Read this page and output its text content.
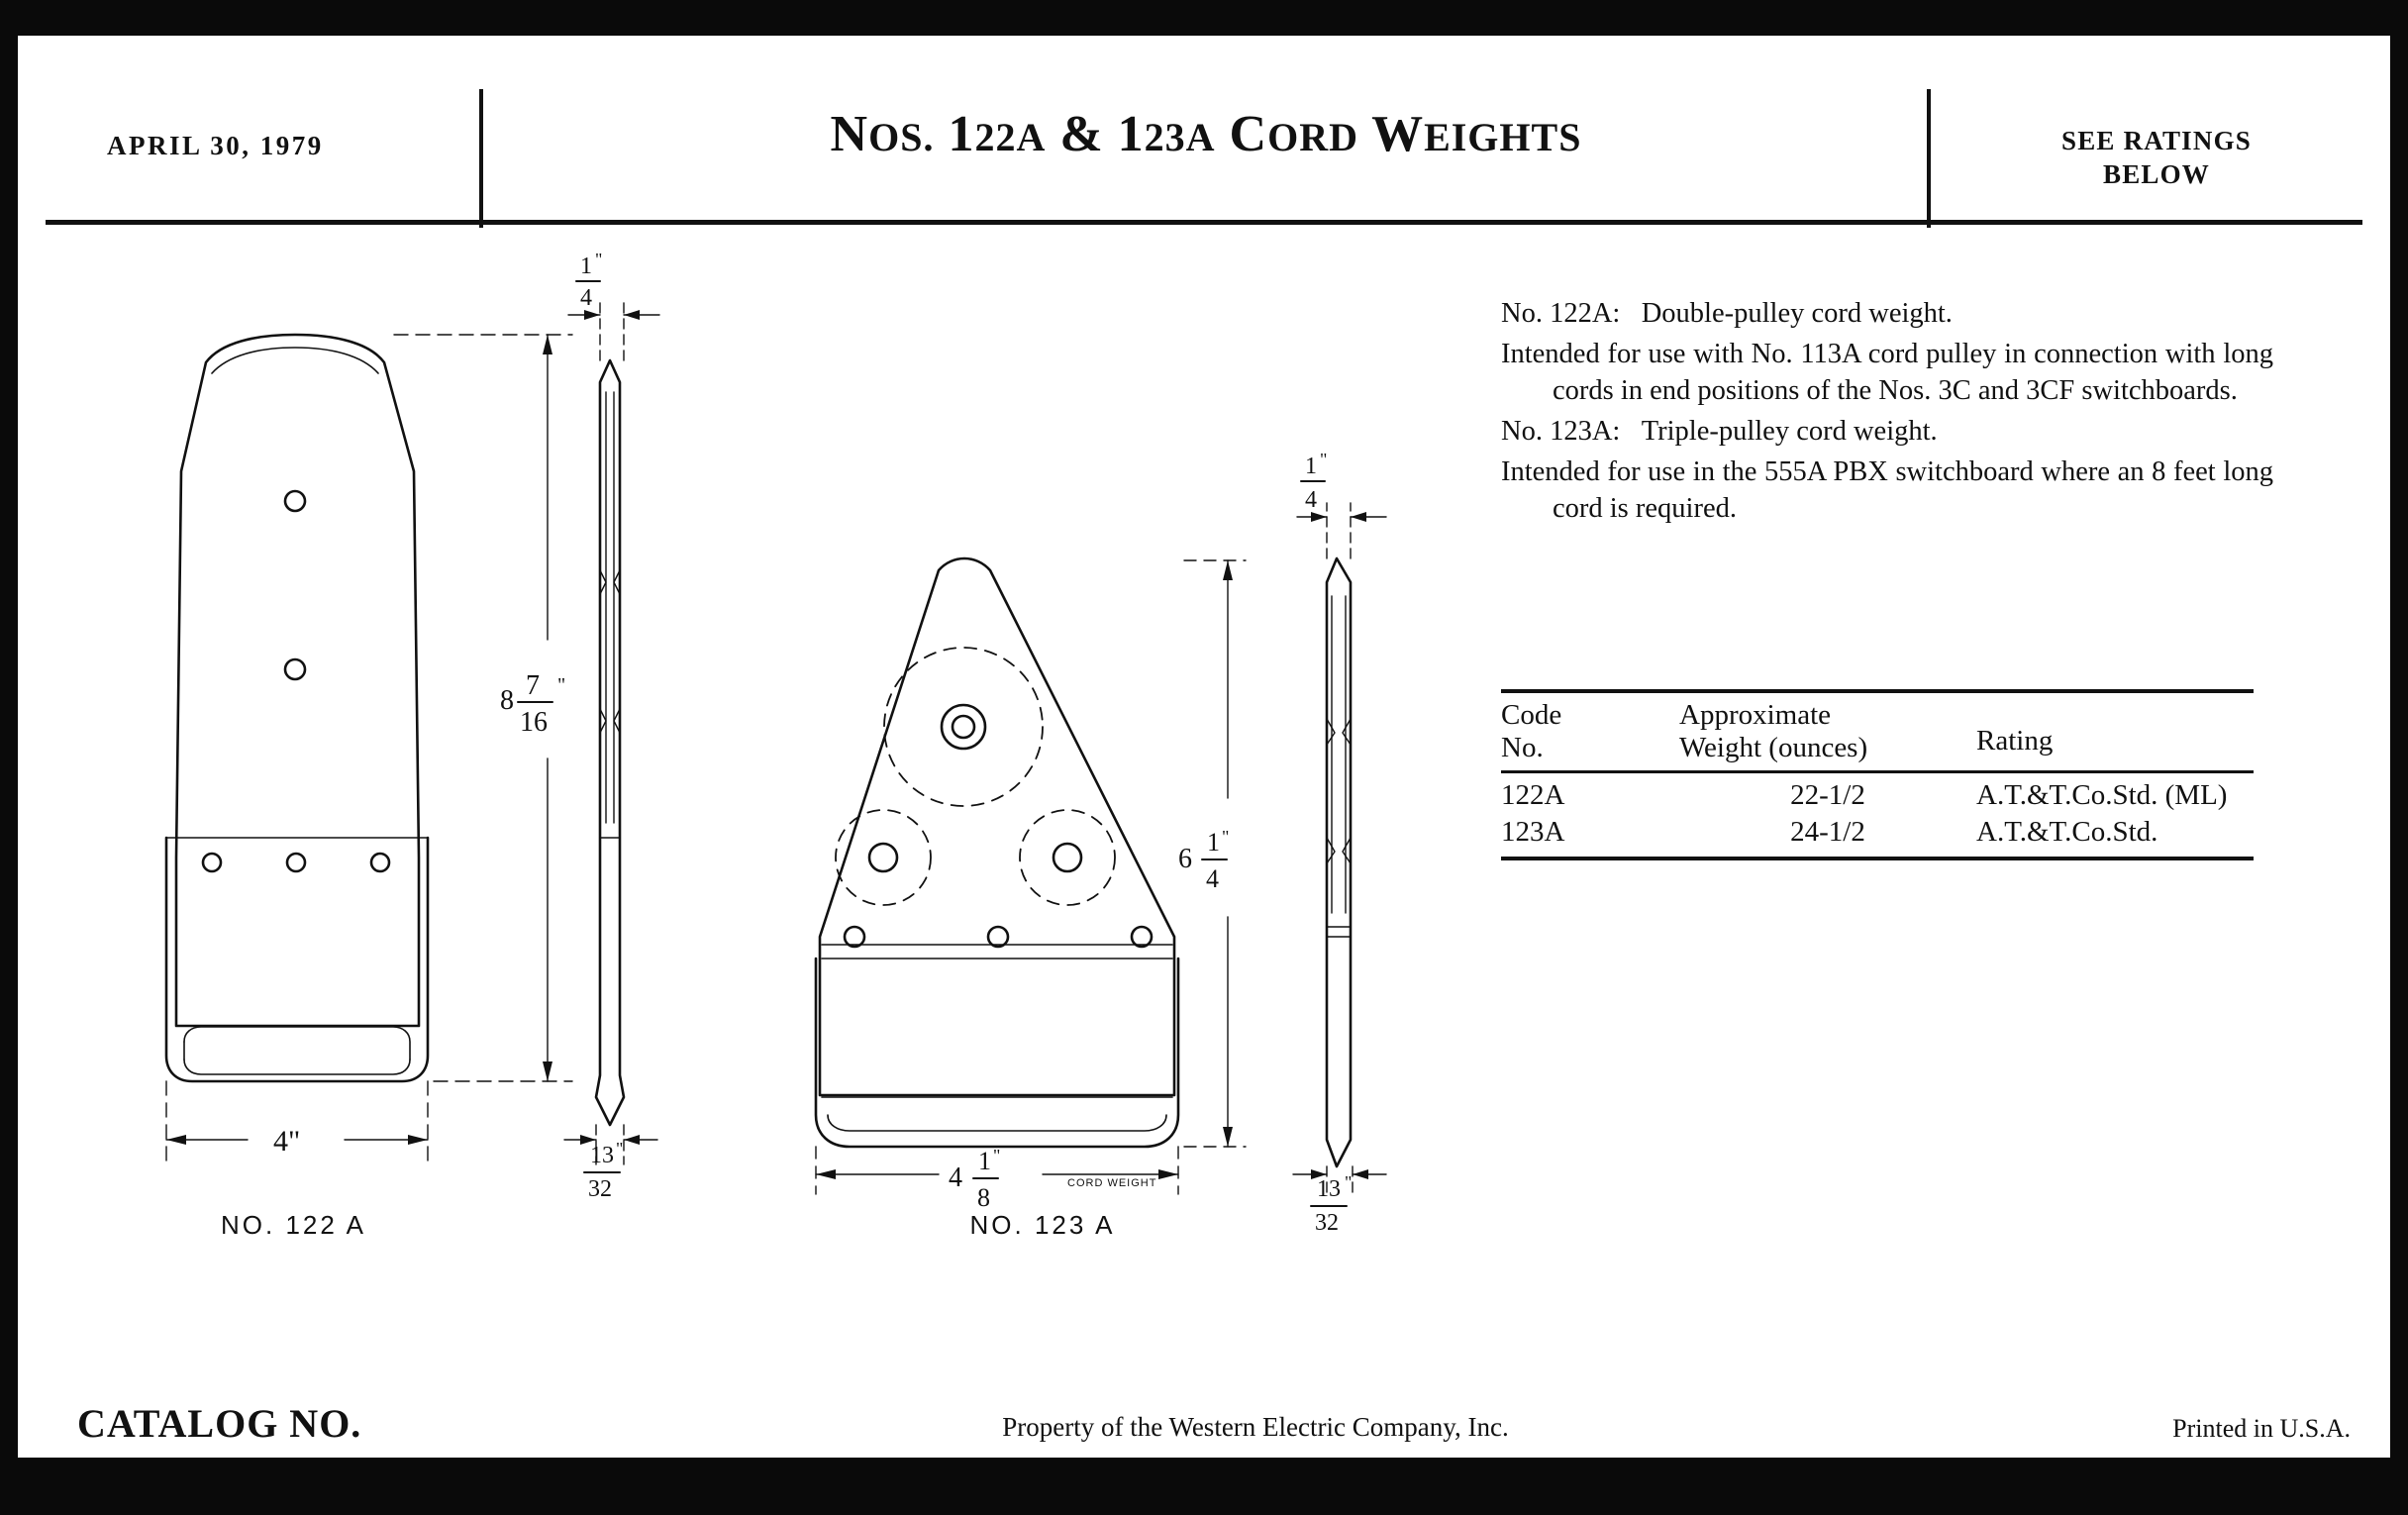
APRIL 30, 1979	NOS. 122A & 123A CORD WEIGHTS	SEE RATINGS
BELOW

No. 122A: Double-pulley cord weight.

Intended for use with No. 113A cord pulley in connection with long cords in end positions of the Nos. 3C and 3CF switchboards.

No. 123A: Triple-pulley cord weight.

Intended for use in the 555A PBX switchboard where an 8 feet long cord is required.

Code
No.

Approximate
Weight (ounces)	Rating
122A	22-1/2	A.T.&T.Co.Std. (ML)
123A	24-1/2	A.T.&T.Co.Std.
8 7
16
"
4"
NO. 122 A
1 "
4
13 "
32
6
1 "
4
4
1 "
8	CORD WEIGHT
NO. 123 A
1 "
4
13 "
32
CATALOG NO.	Property of the Western Electric Company, Inc.	Printed in U.S.A.
